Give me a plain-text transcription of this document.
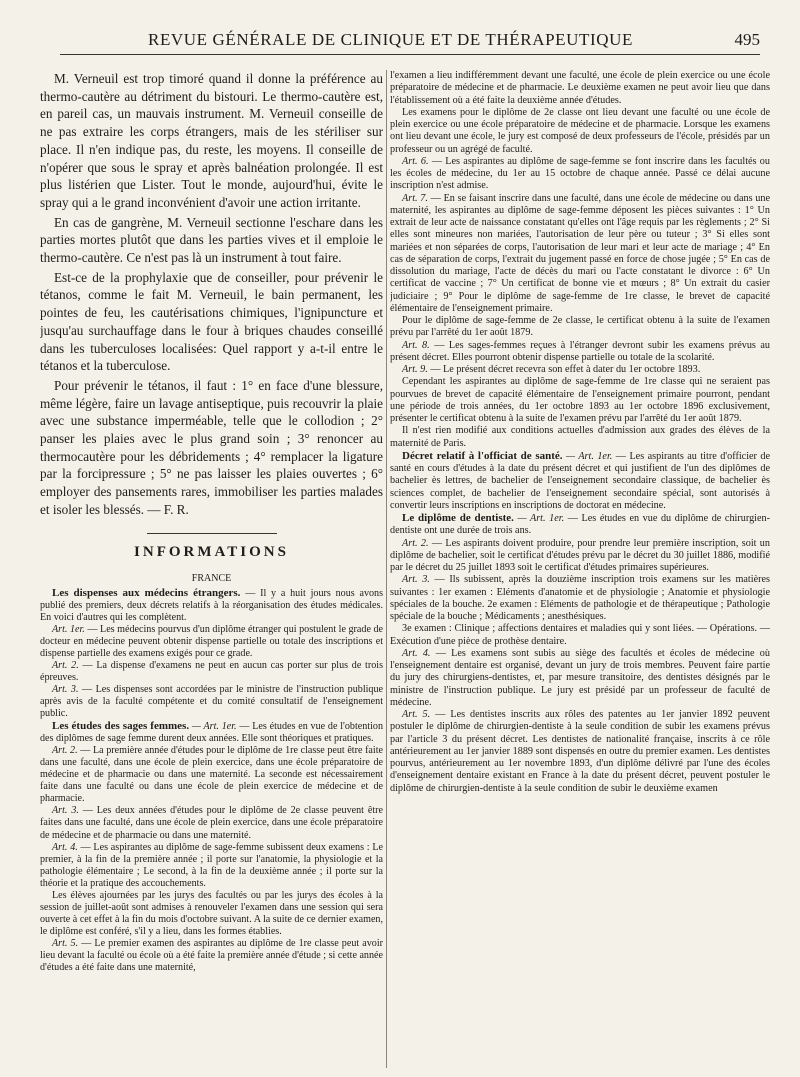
REVUE GÉNÉRALE DE CLINIQUE ET DE THÉRAPEUTIQUE	495

M. Verneuil est trop timoré quand il donne la préférence au thermo-cautère au détriment du bistouri. Le thermo-cautère est, en pareil cas, un mauvais instrument. M. Verneuil conseille de ne pas extraire les corps étrangers, mais de les stériliser sur place. Il n'en indique pas, du reste, les moyens. Il conseille de n'opérer que sous le spray et après balnéation prolongée. Il est plus listérien que Lister. Tout le monde, aujourd'hui, évite le spray qui a le grand inconvénient d'avoir une action irritante.

En cas de gangrène, M. Verneuil sectionne l'eschare dans les parties mortes plutôt que dans les parties vives et il emploie le thermo-cautère. Ce n'est pas là un instrument à tout faire.

Est-ce de la prophylaxie que de conseiller, pour prévenir le tétanos, comme le fait M. Verneuil, le bain permanent, les pointes de feu, les cautérisations chimiques, l'ignipuncture et jusqu'au surchauffage dans le four à briques chaudes conseillé dans les tuberculoses localisées: Quel rapport y a-t-il entre le tétanos et la tuberculose.

Pour prévenir le tétanos, il faut : 1° en face d'une blessure, même légère, faire un lavage antiseptique, puis recouvrir la plaie avec une substance imperméable, telle que le collodion ; 2° panser les plaies avec le plus grand soin ; 3° renoncer au thermocautère pour les débridements ; 4° remplacer la ligature par la forcipressure ; 5° ne pas laisser les plaies ouvertes ; 6° employer des pansements rares, immobiliser les parties malades et isoler les blessés. — F. R.

INFORMATIONS
FRANCE

Les dispenses aux médecins étrangers. — Il y a huit jours nous avons publié des premiers, deux décrets relatifs à la réorganisation des études médicales. En voici d'autres qui les complètent.

Art. 1er. — Les médecins pourvus d'un diplôme étranger qui postulent le grade de docteur en médecine peuvent obtenir dispense partielle ou totale des inscriptions et dispense partielle des examens exigés pour ce grade.

Art. 2. — La dispense d'examens ne peut en aucun cas porter sur plus de trois épreuves.

Art. 3. — Les dispenses sont accordées par le ministre de l'instruction publique après avis de la faculté compétente et du comité consultatif de l'enseignement public.

Les études des sages femmes. — Art. 1er. — Les études en vue de l'obtention des diplômes de sage femme durent deux années. Elle sont théoriques et pratiques.

Art. 2. — La première année d'études pour le diplôme de 1re classe peut être faite dans une faculté, dans une école de plein exercice, dans une école préparatoire de médecine et de pharmacie ou dans une maternité. La seconde est nécessairement faite dans une faculté ou dans une école de plein exercice de médecine et de pharmacie.

Art. 3. — Les deux années d'études pour le diplôme de 2e classe peuvent être faites dans une faculté, dans une école de plein exercice, dans une école préparatoire de médecine et de pharmacie ou dans une maternité.

Art. 4. — Les aspirantes au diplôme de sage-femme subissent deux examens : Le premier, à la fin de la première année ; il porte sur l'anatomie, la physiologie et la pathologie élémentaire ; Le second, à la fin de la deuxième année ; il porte sur la théorie et la pratique des accouchements.

Les élèves ajournées par les jurys des facultés ou par les jurys des écoles à la session de juillet-août sont admises à renouveler l'examen dans une session qui sera ouverte à cet effet à la fin du mois d'octobre suivant. A la suite de ce dernier examen, le diplôme est conféré, s'il y a lieu, dans les formes établies.

Art. 5. — Le premier examen des aspirantes au diplôme de 1re classe peut avoir lieu devant la faculté ou école où a été faite la première année d'étude ; si cette année d'études a été faite dans une maternité,

l'examen a lieu indifféremment devant une faculté, une école de plein exercice ou une école préparatoire de médecine et de pharmacie. Le deuxième examen ne peut avoir lieu que dans l'établissement où a été faite la deuxième année d'études.

Les examens pour le diplôme de 2e classe ont lieu devant une faculté ou une école de plein exercice ou une école préparatoire de médecine et de pharmacie. Lorsque les examens ont lieu devant une école, le jury est composé de deux professeurs de l'école, présidés par un professeur ou un agrégé de faculté.

Art. 6. — Les aspirantes au diplôme de sage-femme se font inscrire dans les facultés ou les écoles de médecine, du 1er au 15 octobre de chaque année. Passé ce délai aucune inscription n'est admise.

Art. 7. — En se faisant inscrire dans une faculté, dans une école de médecine ou dans une maternité, les aspirantes au diplôme de sage-femme déposent les pièces suivantes : 1° Un extrait de leur acte de naissance constatant qu'elles ont l'âge requis par les règlements ; 2° Si elles sont mineures non mariées, l'autorisation de leur père ou tuteur ; 3° Si elles sont mariées et non séparées de corps, l'autorisation de leur mari et leur acte de mariage ; 4° En cas de séparation de corps, l'extrait du jugement passé en force de chose jugée ; 5° En cas de dissolution du mariage, l'acte de décès du mari ou l'acte constatant le divorce : 6° Un certificat de vaccine ; 7° Un certificat de bonne vie et mœurs ; 8° Un extrait du casier judiciaire ; 9° Pour le diplôme de sage-femme de 1re classe, le brevet de capacité élémentaire de l'enseignement primaire.

Pour le diplôme de sage-femme de 2e classe, le certificat obtenu à la suite de l'examen prévu par l'arrêté du 1er août 1879.

Art. 8. — Les sages-femmes reçues à l'étranger devront subir les examens prévus au présent décret. Elles pourront obtenir dispense partielle ou totale de la scolarité.

Art. 9. — Le présent décret recevra son effet à dater du 1er octobre 1893.

Cependant les aspirantes au diplôme de sage-femme de 1re classe qui ne seraient pas pourvues de brevet de capacité élémentaire de l'enseignement primaire pourront, pendant une période de trois années, du 1er octobre 1893 au 1er octobre 1896 exclusivement, présenter le certificat obtenu à la suite de l'examen prévu par l'arrêté du 1er août 1879.

Il n'est rien modifié aux conditions actuelles d'admission aux grades des élèves de la maternité de Paris.

Décret relatif à l'officiat de santé. — Art. 1er. — Les aspirants au titre d'officier de santé en cours d'études à la date du présent décret et qui justifient de l'un des diplômes de bachelier ès lettres, de bachelier de l'enseignement secondaire classique, de bachelier ès sciences complet, de bachelier de l'enseignement secondaire spécial, sont autorisés à convertir leurs inscriptions en inscriptions de doctorat en médecine.

Le diplôme de dentiste. — Art. 1er. — Les études en vue du diplôme de chirurgien-dentiste ont une durée de trois ans.

Art. 2. — Les aspirants doivent produire, pour prendre leur première inscription, soit un diplôme de bachelier, soit le certificat d'études prévu par le décret du 30 juillet 1886, modifié par le décret du 25 juillet 1893 soit le certificat d'études primaires supérieures.

Art. 3. — Ils subissent, après la douzième inscription trois examens sur les matières suivantes : 1er examen : Eléments d'anatomie et de physiologie ; Anatomie et physiologie spéciales de la bouche. 2e examen : Eléments de pathologie et de thérapeutique ; Pathologie spéciale de la bouche ; Médicaments ; anesthésiques.

3e examen : Clinique ; affections dentaires et maladies qui y sont liées. — Opérations. — Exécution d'une pièce de prothèse dentaire.

Art. 4. — Les examens sont subis au siège des facultés et écoles de médecine où l'enseignement dentaire est organisé, devant un jury de trois membres. Peuvent faire partie du jury des chirurgiens-dentistes, et, par mesure transitoire, des dentistes désignés par le ministre de l'instruction publique. Le jury est présidé par un professeur de faculté de médecine.

Art. 5. — Les dentistes inscrits aux rôles des patentes au 1er janvier 1892 peuvent postuler le diplôme de chirurgien-dentiste à la seule condition de subir les examens prévus par l'article 3 du présent décret. Les dentistes de nationalité française, inscrits à ce rôle antérieurement au 1er janvier 1889 sont dispensés en outre du premier examen. Les dentistes pourvus, antérieurement au 1er novembre 1893, d'un diplôme délivré par l'une des écoles d'enseignement dentaire existant en France à la date du présent décret, peuvent postuler le diplôme de chirurgien-dentiste à la seule condition de subir le deuxième examen
